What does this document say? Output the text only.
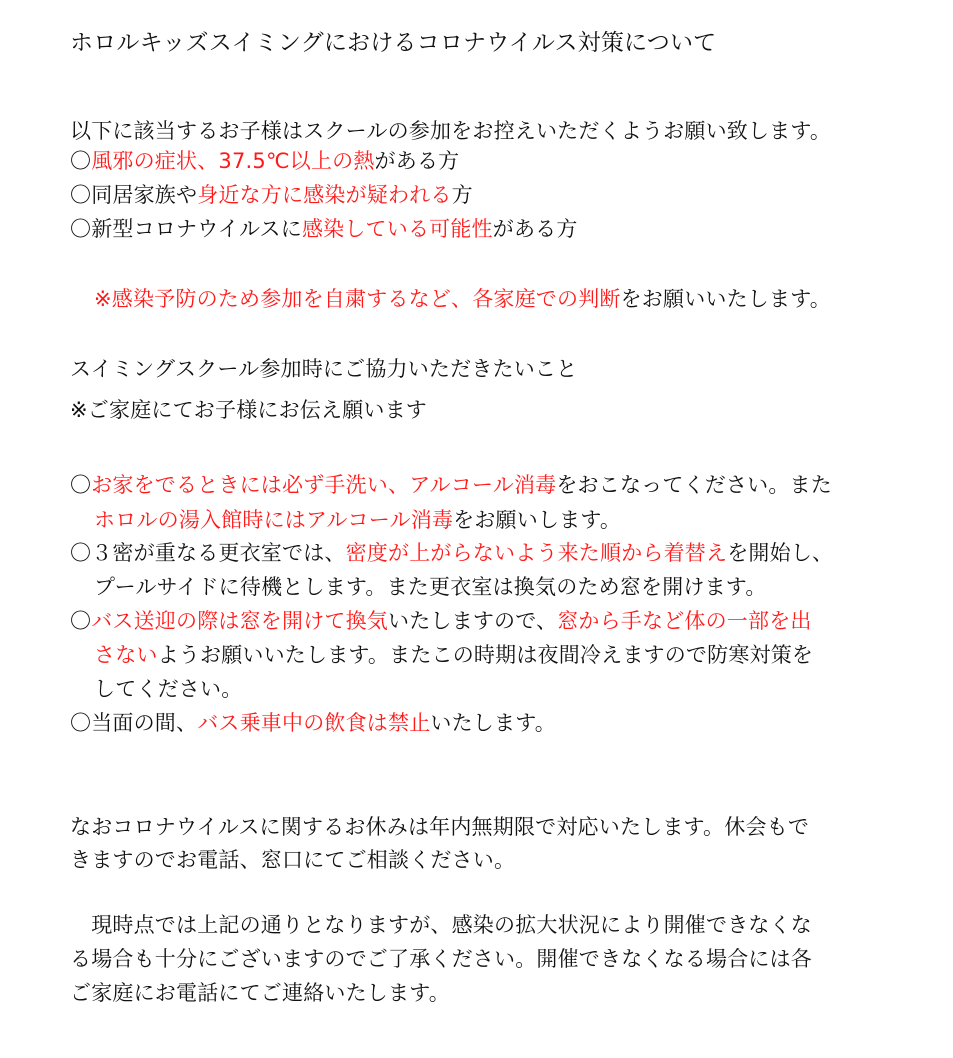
ホロルキッズスイミングにおけるコロナウイルス対策について
以下に該当するお子様はスクールの参加をお控えいただくようお願い致します。
〇風邪の症状、37.5℃以上の熱がある方
〇同居家族や身近な方に感染が疑われる方
〇新型コロナウイルスに感染している可能性がある方
※感染予防のため参加を自粛するなど、各家庭での判断をお願いいたします。
スイミングスクール参加時にご協力いただきたいこと
※ご家庭にてお子様にお伝え願います
〇お家をでるときには必ず手洗い、アルコール消毒をおこなってください。また
ホロルの湯入館時にはアルコール消毒をお願いします。
〇３密が重なる更衣室では、密度が上がらないよう来た順から着替えを開始し、
プールサイドに待機とします。また更衣室は換気のため窓を開けます。
〇バス送迎の際は窓を開けて換気いたしますので、窓から手など体の一部を出
さないようお願いいたします。またこの時期は夜間冷えますので防寒対策を
してください。
〇当面の間、バス乗車中の飲食は禁止いたします。
なおコロナウイルスに関するお休みは年内無期限で対応いたします。休会もで
きますのでお電話、窓口にてご相談ください。
　現時点では上記の通りとなりますが、感染の拡大状況により開催できなくな
る場合も十分にございますのでご了承ください。開催できなくなる場合には各
ご家庭にお電話にてご連絡いたします。
